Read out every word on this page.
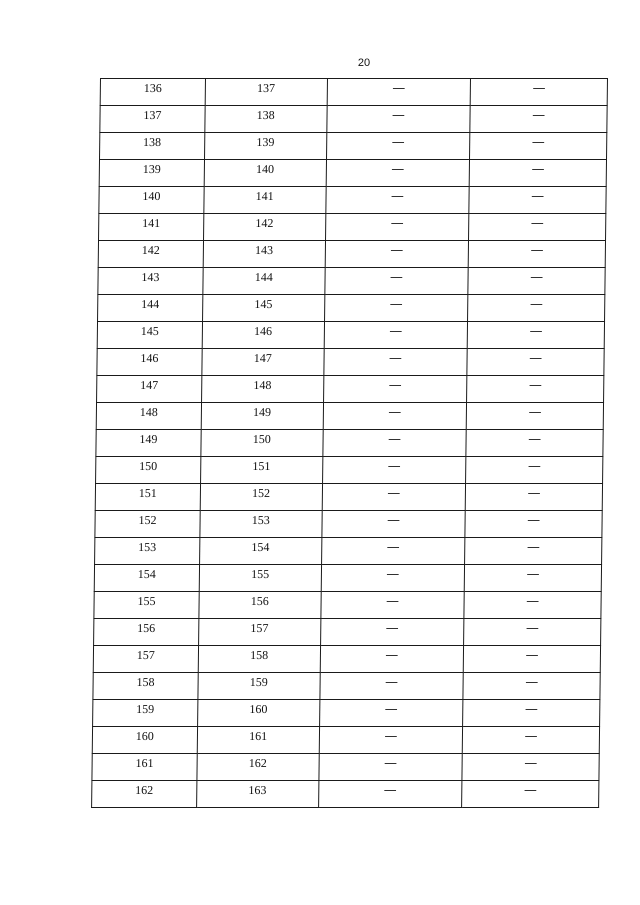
20
136	137	—	—
137	138	—	—
138	139	—	—
139	140	—	—
140	141	—	—
141	142	—	—
142	143	—	—
143	144	—	—
144	145	—	—
145	146	—	—
146	147	—	—
147	148	—	—
148	149	—	—
149	150	—	—
150	151	—	—
151	152	—	—
152	153	—	—
153	154	—	—
154	155	—	—
155	156	—	—
156	157	—	—
157	158	—	—
158	159	—	—
159	160	—	—
160	161	—	—
161	162	—	—
162	163	—	—
